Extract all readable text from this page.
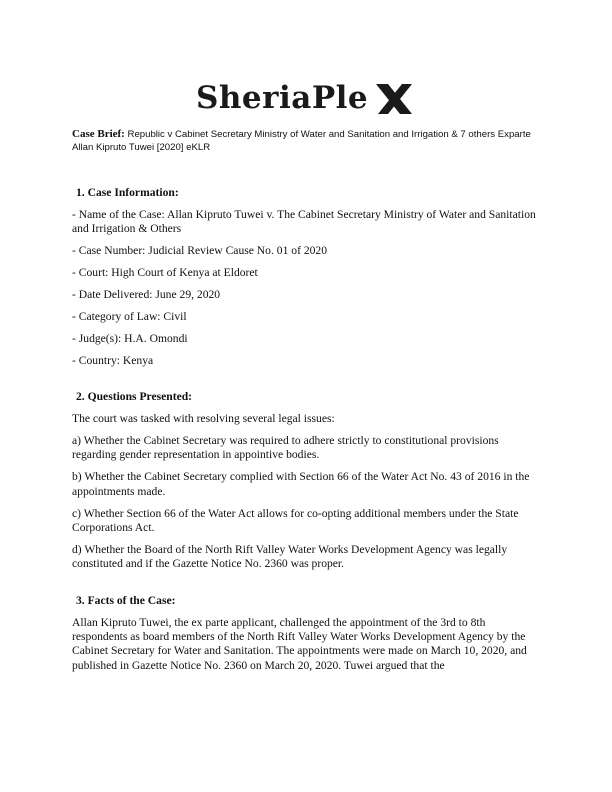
SheriaPle
Case Brief: Republic v Cabinet Secretary Ministry of Water and Sanitation and Irrigation & 7 others Exparte Allan Kipruto Tuwei [2020] eKLR
1. Case Information:
- Name of the Case: Allan Kipruto Tuwei v. The Cabinet Secretary Ministry of Water and Sanitation and Irrigation & Others
- Case Number: Judicial Review Cause No. 01 of 2020
- Court: High Court of Kenya at Eldoret
- Date Delivered: June 29, 2020
- Category of Law: Civil
- Judge(s): H.A. Omondi
- Country: Kenya
2. Questions Presented:
The court was tasked with resolving several legal issues:
a) Whether the Cabinet Secretary was required to adhere strictly to constitutional provisions regarding gender representation in appointive bodies.
b) Whether the Cabinet Secretary complied with Section 66 of the Water Act No. 43 of 2016 in the appointments made.
c) Whether Section 66 of the Water Act allows for co-opting additional members under the State Corporations Act.
d) Whether the Board of the North Rift Valley Water Works Development Agency was legally constituted and if the Gazette Notice No. 2360 was proper.
3. Facts of the Case:
Allan Kipruto Tuwei, the ex parte applicant, challenged the appointment of the 3rd to 8th respondents as board members of the North Rift Valley Water Works Development Agency by the Cabinet Secretary for Water and Sanitation. The appointments were made on March 10, 2020, and published in Gazette Notice No. 2360 on March 20, 2020. Tuwei argued that the
